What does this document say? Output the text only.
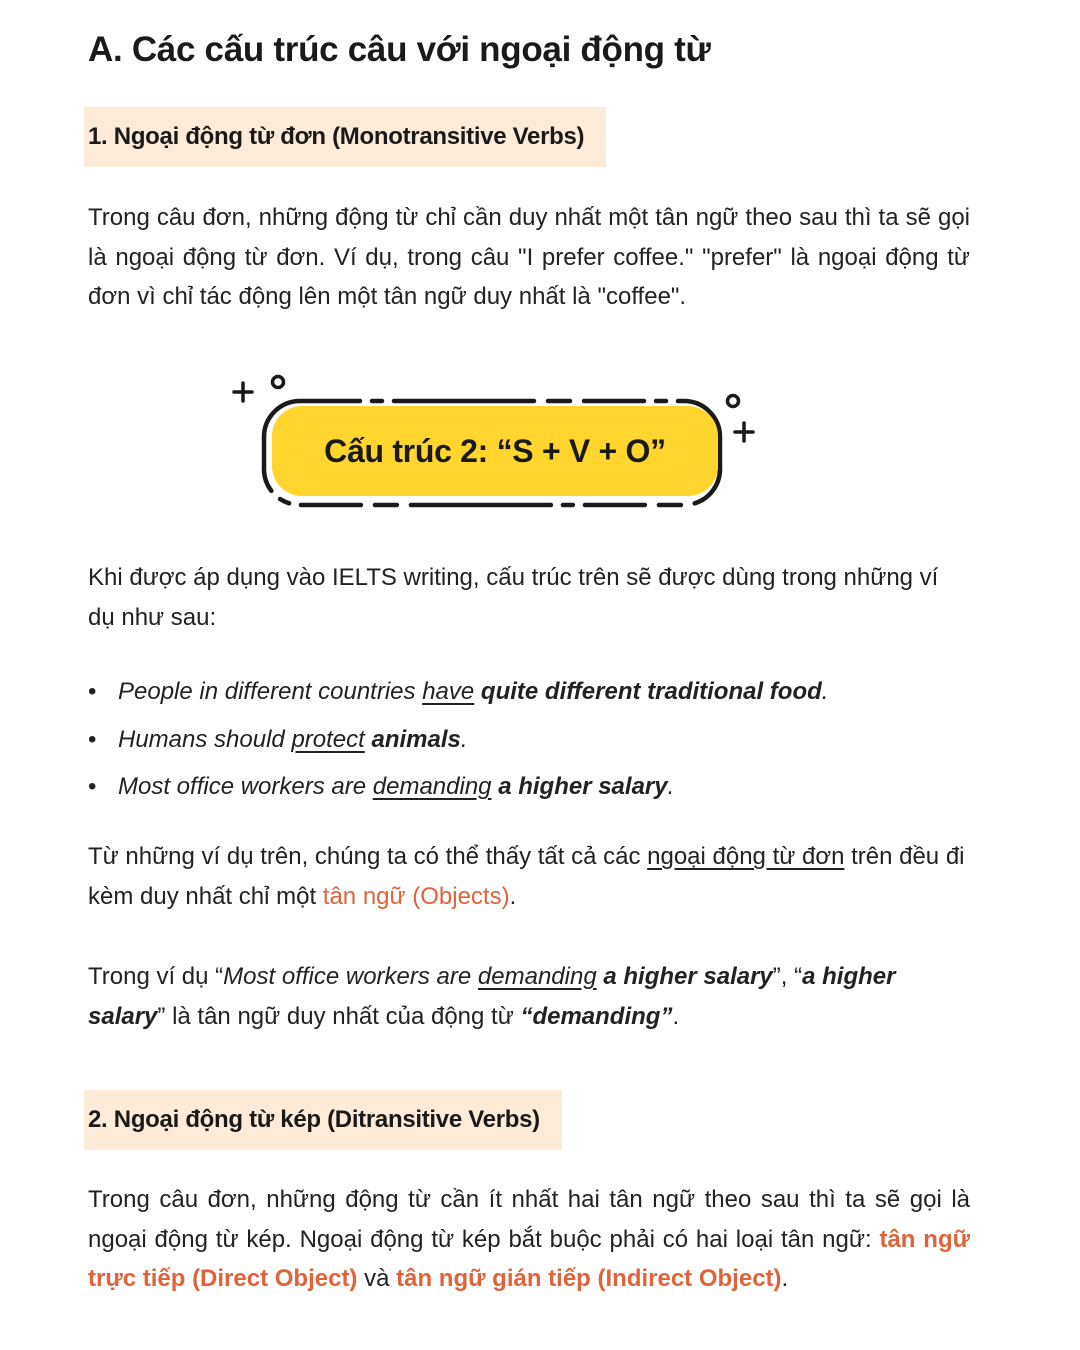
A. Các cấu trúc câu với ngoại động từ
1. Ngoại động từ đơn (Monotransitive Verbs)

Trong câu đơn, những động từ chỉ cần duy nhất một tân ngữ theo sau thì ta sẽ gọi là ngoại động từ đơn. Ví dụ, trong câu "I prefer coffee." "prefer" là ngoại động từ đơn vì chỉ tác động lên một tân ngữ duy nhất là "coffee".

Cấu trúc 2: “S + V + O”

Khi được áp dụng vào IELTS writing, cấu trúc trên sẽ được dùng trong những ví dụ như sau:

• People in different countries have quite different traditional food.
• Humans should protect animals.
• Most office workers are demanding a higher salary.

Từ những ví dụ trên, chúng ta có thể thấy tất cả các ngoại động từ đơn trên đều đi kèm duy nhất chỉ một tân ngữ (Objects).

Trong ví dụ “Most office workers are demanding a higher salary”, “a higher salary” là tân ngữ duy nhất của động từ “demanding”.

2. Ngoại động từ kép (Ditransitive Verbs)

Trong câu đơn, những động từ cần ít nhất hai tân ngữ theo sau thì ta sẽ gọi là ngoại động từ kép. Ngoại động từ kép bắt buộc phải có hai loại tân ngữ: tân ngữ trực tiếp (Direct Object) và tân ngữ gián tiếp (Indirect Object).
